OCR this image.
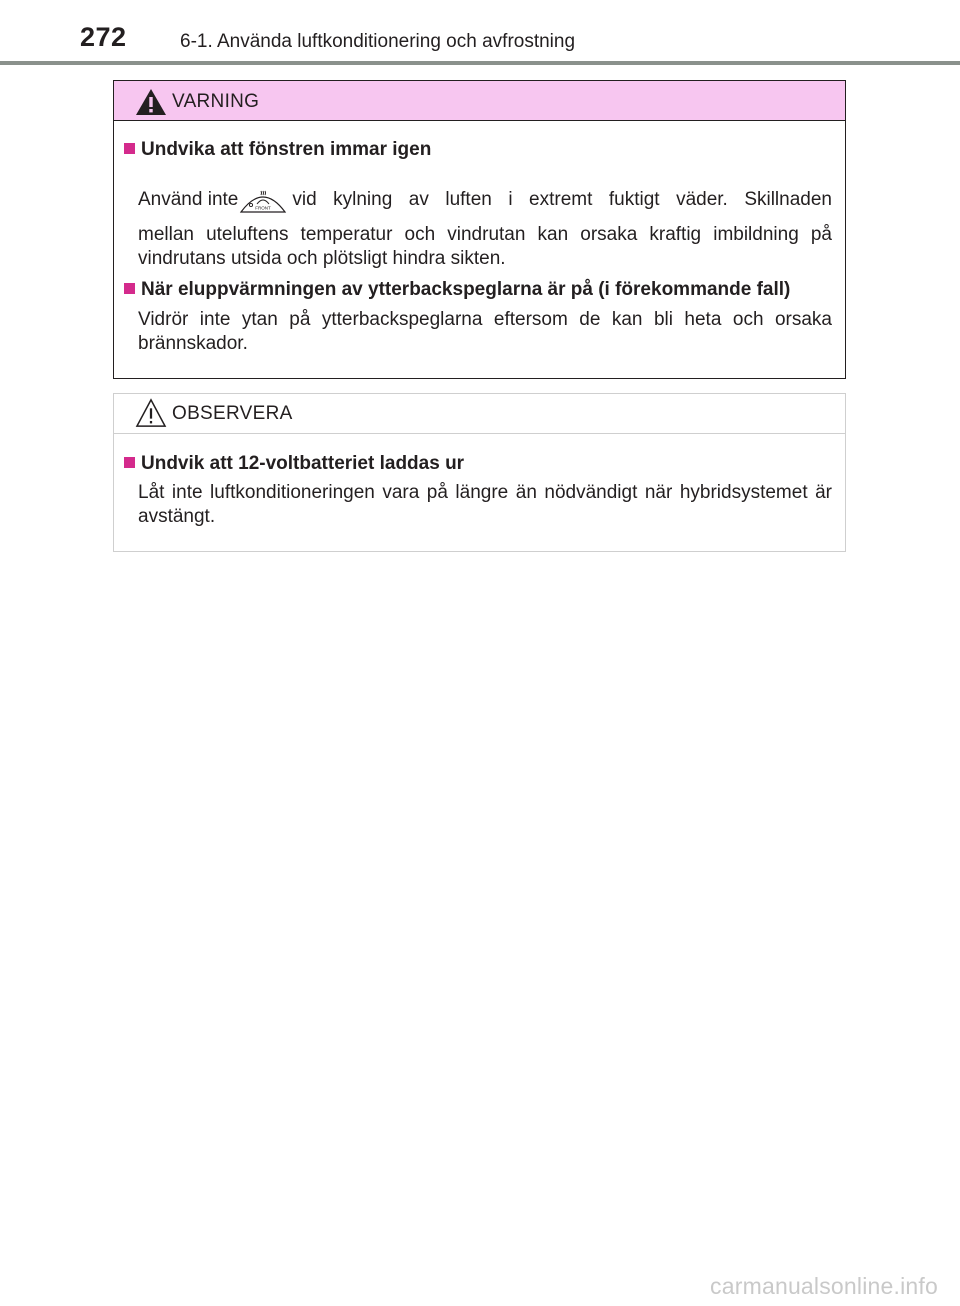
272	6-1. Använda luftkonditionering och avfrostning
VARNING
Undvika att fönstren immar igen
Använd inte	FRONT vid kylning av luften i extremt fuktigt väder. Skillnaden
mellan uteluftens temperatur och vindrutan kan orsaka kraftig imbildning på vindrutans utsida och plötsligt hindra sikten.
När eluppvärmningen av ytterbackspeglarna är på (i förekommande fall)
Vidrör inte ytan på ytterbackspeglarna eftersom de kan bli heta och orsaka brännskador.
OBSERVERA
Undvik att 12-voltbatteriet laddas ur
Låt inte luftkonditioneringen vara på längre än nödvändigt när hybridsystemet är avstängt.
carmanualsonline.info
